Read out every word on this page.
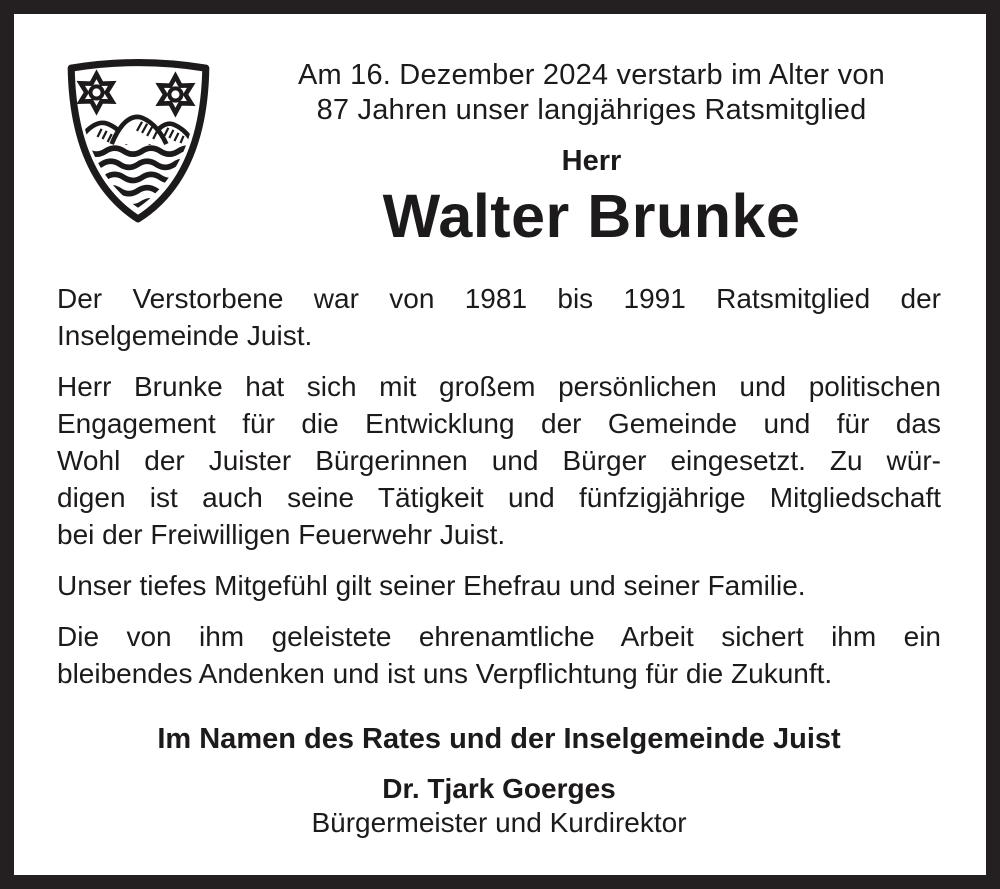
Am 16. Dezember 2024 verstarb im Alter von
87 Jahren unser langjähriges Ratsmitglied
Herr
Walter Brunke
Der Verstorbene war von 1981 bis 1991 Ratsmitglied der
Inselgemeinde Juist.
Herr Brunke hat sich mit großem persönlichen und politischen
Engagement für die Entwicklung der Gemeinde und für das
Wohl der Juister Bürgerinnen und Bürger eingesetzt. Zu wür-
digen ist auch seine Tätigkeit und fünfzigjährige Mitgliedschaft
bei der Freiwilligen Feuerwehr Juist.
Unser tiefes Mitgefühl gilt seiner Ehefrau und seiner Familie.
Die von ihm geleistete ehrenamtliche Arbeit sichert ihm ein
bleibendes Andenken und ist uns Verpflichtung für die Zukunft.
Im Namen des Rates und der Inselgemeinde Juist
Dr. Tjark Goerges
Bürgermeister und Kurdirektor
